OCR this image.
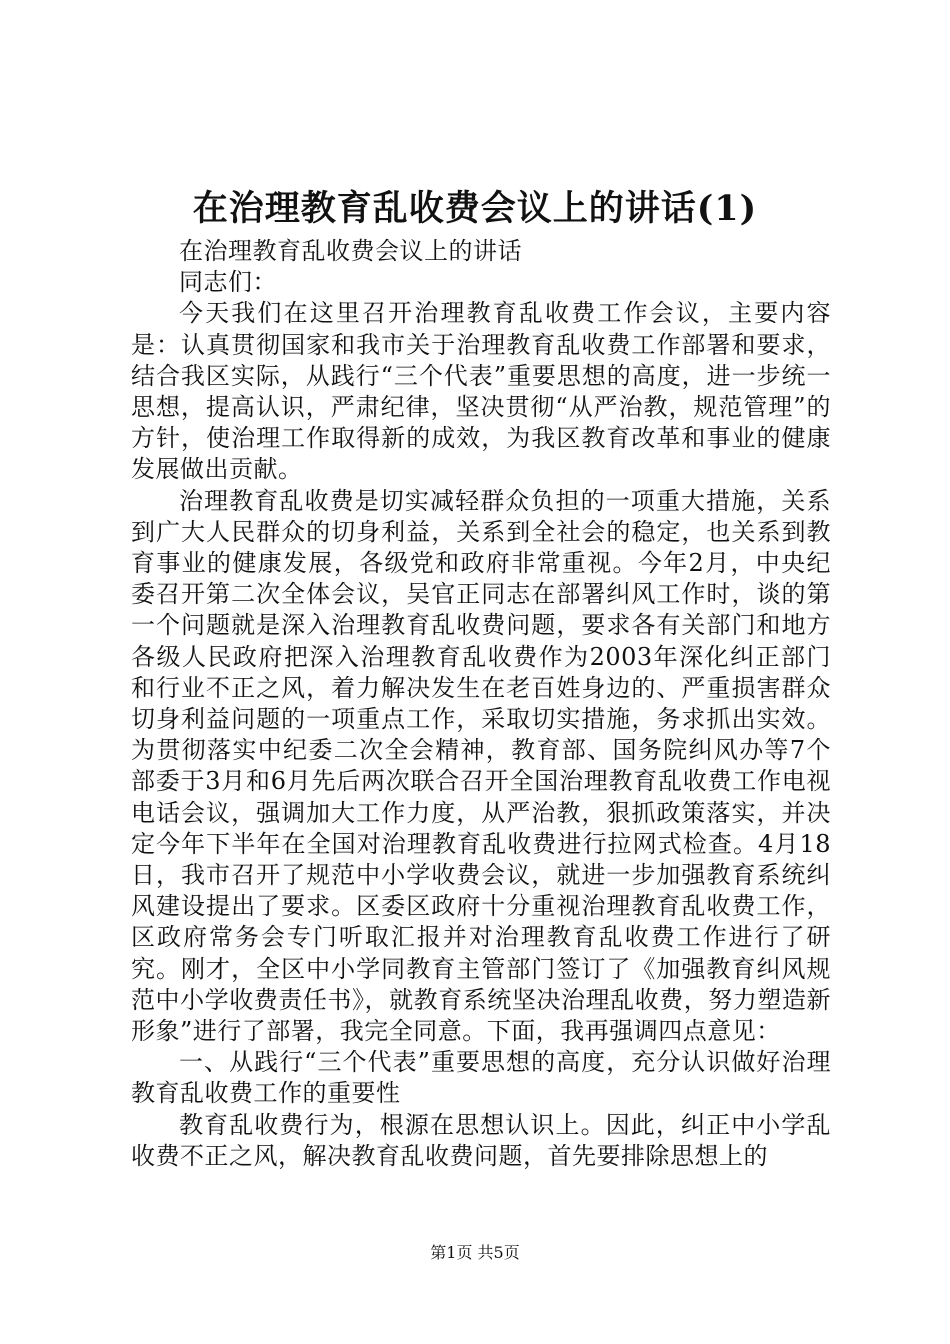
在治理教育乱收费会议上的讲话(1)

在治理教育乱收费会议上的讲话

同志们：

今天我们在这里召开治理教育乱收费工作会议，主要内容是：认真贯彻国家和我市关于治理教育乱收费工作部署和要求，结合我区实际，从践行“三个代表”重要思想的高度，进一步统一思想，提高认识，严肃纪律，坚决贯彻“从严治教，规范管理”的方针，使治理工作取得新的成效，为我区教育改革和事业的健康发展做出贡献。

治理教育乱收费是切实减轻群众负担的一项重大措施，关系到广大人民群众的切身利益，关系到全社会的稳定，也关系到教育事业的健康发展，各级党和政府非常重视。今年2月，中央纪委召开第二次全体会议，吴官正同志在部署纠风工作时，谈的第一个问题就是深入治理教育乱收费问题，要求各有关部门和地方各级人民政府把深入治理教育乱收费作为2003年深化纠正部门和行业不正之风，着力解决发生在老百姓身边的、严重损害群众切身利益问题的一项重点工作，采取切实措施，务求抓出实效。为贯彻落实中纪委二次全会精神，教育部、国务院纠风办等7个部委于3月和6月先后两次联合召开全国治理教育乱收费工作电视电话会议，强调加大工作力度，从严治教，狠抓政策落实，并决定今年下半年在全国对治理教育乱收费进行拉网式检查。4月18日，我市召开了规范中小学收费会议，就进一步加强教育系统纠风建设提出了要求。区委区政府十分重视治理教育乱收费工作，区政府常务会专门听取汇报并对治理教育乱收费工作进行了研究。刚才，全区中小学同教育主管部门签订了《加强教育纠风规范中小学收费责任书》，就教育系统坚决治理乱收费，努力塑造新形象”进行了部署，我完全同意。下面，我再强调四点意见：

一、从践行“三个代表”重要思想的高度，充分认识做好治理教育乱收费工作的重要性

教育乱收费行为，根源在思想认识上。因此，纠正中小学乱收费不正之风，解决教育乱收费问题，首先要排除思想上的

第1页 共5页
